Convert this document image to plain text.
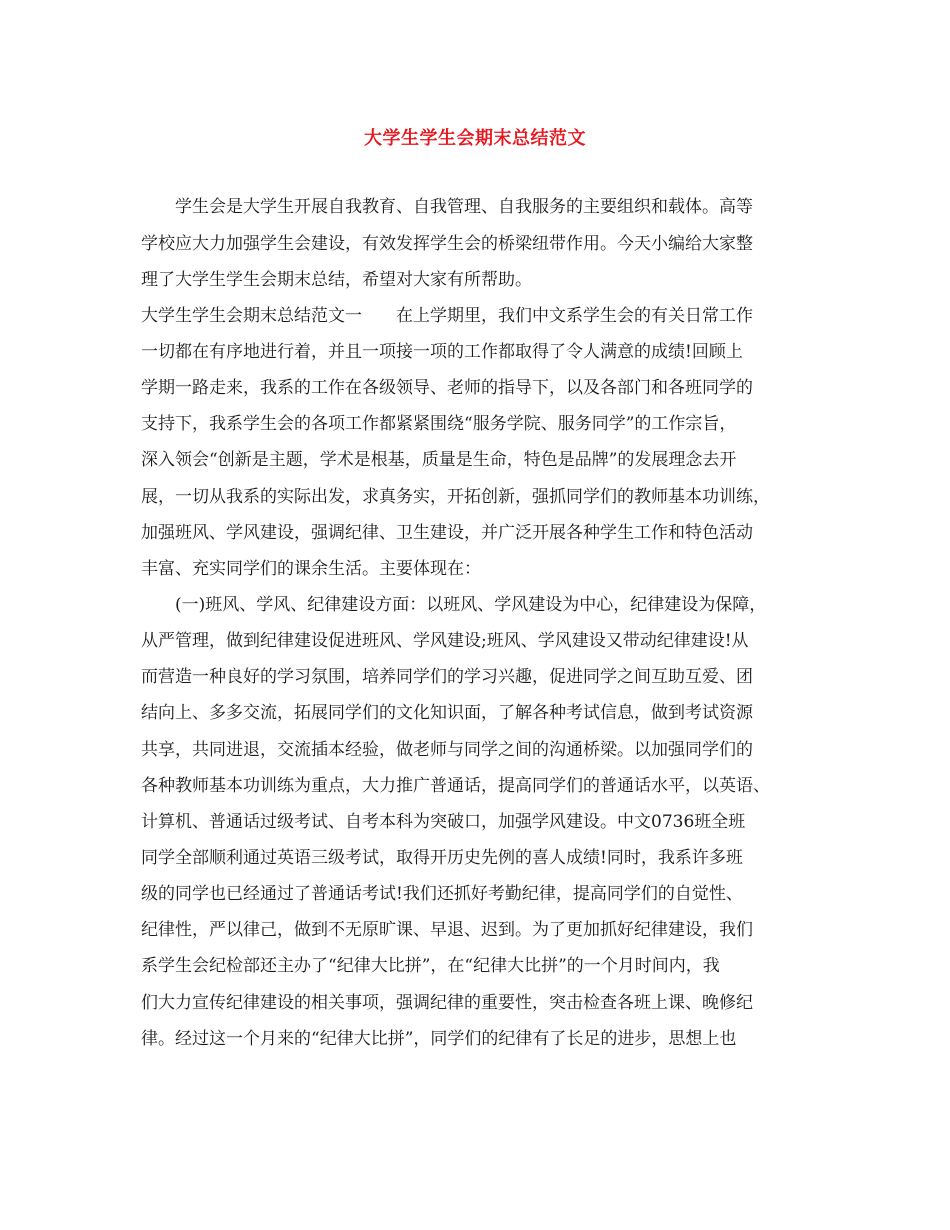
大学生学生会期末总结范文
学生会是大学生开展自我教育、自我管理、自我服务的主要组织和载体。高等
学校应大力加强学生会建设，有效发挥学生会的桥梁纽带作用。今天小编给大家整
理了大学生学生会期末总结，希望对大家有所帮助。
大学生学生会期末总结范文一　　在上学期里，我们中文系学生会的有关日常工作
一切都在有序地进行着，并且一项接一项的工作都取得了令人满意的成绩!回顾上
学期一路走来，我系的工作在各级领导、老师的指导下，以及各部门和各班同学的
支持下，我系学生会的各项工作都紧紧围绕“服务学院、服务同学”的工作宗旨，
深入领会“创新是主题，学术是根基，质量是生命，特色是品牌”的发展理念去开
展，一切从我系的实际出发，求真务实，开拓创新，强抓同学们的教师基本功训练，
加强班风、学风建设，强调纪律、卫生建设，并广泛开展各种学生工作和特色活动
丰富、充实同学们的课余生活。主要体现在：
(一)班风、学风、纪律建设方面：以班风、学风建设为中心，纪律建设为保障，
从严管理，做到纪律建设促进班风、学风建设;班风、学风建设又带动纪律建设!从
而营造一种良好的学习氛围，培养同学们的学习兴趣，促进同学之间互助互爱、团
结向上、多多交流，拓展同学们的文化知识面，了解各种考试信息，做到考试资源
共享，共同进退，交流插本经验，做老师与同学之间的沟通桥梁。以加强同学们的
各种教师基本功训练为重点，大力推广普通话，提高同学们的普通话水平，以英语、
计算机、普通话过级考试、自考本科为突破口，加强学风建设。中文0736班全班
同学全部顺利通过英语三级考试，取得开历史先例的喜人成绩!同时，我系许多班
级的同学也已经通过了普通话考试!我们还抓好考勤纪律，提高同学们的自觉性、
纪律性，严以律己，做到不无原旷课、早退、迟到。为了更加抓好纪律建设，我们
系学生会纪检部还主办了“纪律大比拼”，在“纪律大比拼”的一个月时间内，我
们大力宣传纪律建设的相关事项，强调纪律的重要性，突击检查各班上课、晚修纪
律。经过这一个月来的“纪律大比拼”，同学们的纪律有了长足的进步，思想上也
